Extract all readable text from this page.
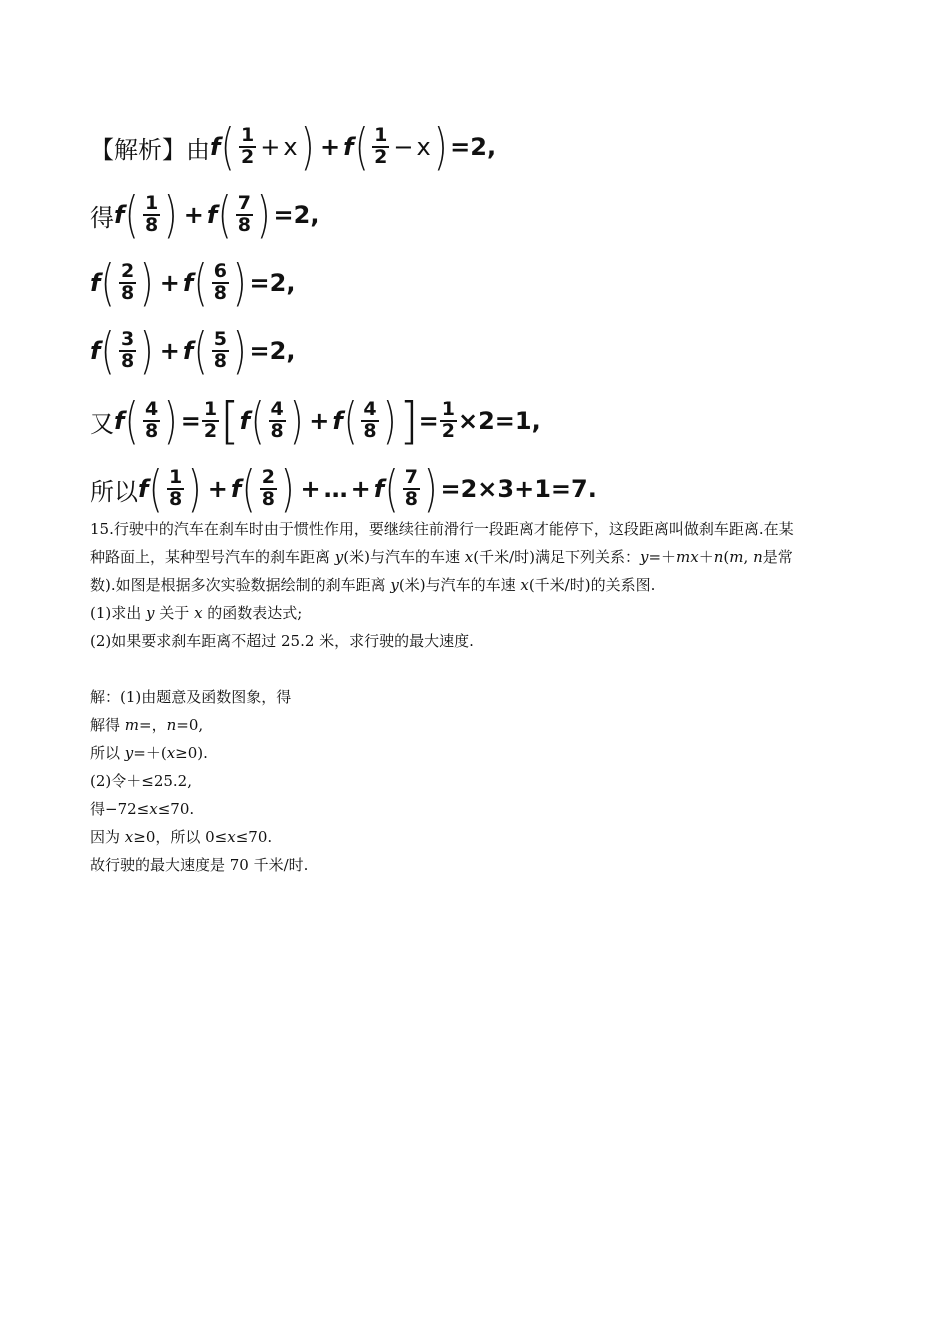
【解析】 由 f ( $\frac{1}{2} + x$ ) + f ( $\frac{1}{2} - x$ ) =2,
得 f ( $\frac{1}{8}$ ) + f ( $\frac{7}{8}$ ) =2,
f ( $\frac{2}{8}$ ) + f ( $\frac{6}{8}$ ) =2,
f ( $\frac{3}{8}$ ) + f ( $\frac{5}{8}$ ) =2,
又 f ( $\frac{4}{8}$ ) = $\frac{1}{2}$ [ f ( $\frac{4}{8}$ ) + f ( $\frac{4}{8}$ ) ] = $\frac{1}{2} \times 2=1$,
所以 f ( $\frac{1}{8}$ ) + f ( $\frac{2}{8}$ ) + … + f ( $\frac{7}{8}$ ) =2×3+1=7.
15.行驶中的汽车在刹车时由于惯性作用，要继续往前滑行一段距离才能停下，这段距离叫做刹车距离.在某
种路面上，某种型号汽车的刹车距离 y(米)与汽车的车速 x(千米/时)满足下列关系：y=＋mx＋n(m, n是常
数).如图是根据多次实验数据绘制的刹车距离 y(米)与汽车的车速 x(千米/时)的关系图.
(1)求出 y 关于 x 的函数表达式;
(2)如果要求刹车距离不超过 25.2 米，求行驶的最大速度.
解：(1)由题意及函数图象，得
解得 m=，n=0,
所以 y=＋(x≥0).
(2)令＋≤25.2,
得−72≤x≤70.
因为 x≥0，所以 0≤x≤70.
故行驶的最大速度是 70 千米/时.
